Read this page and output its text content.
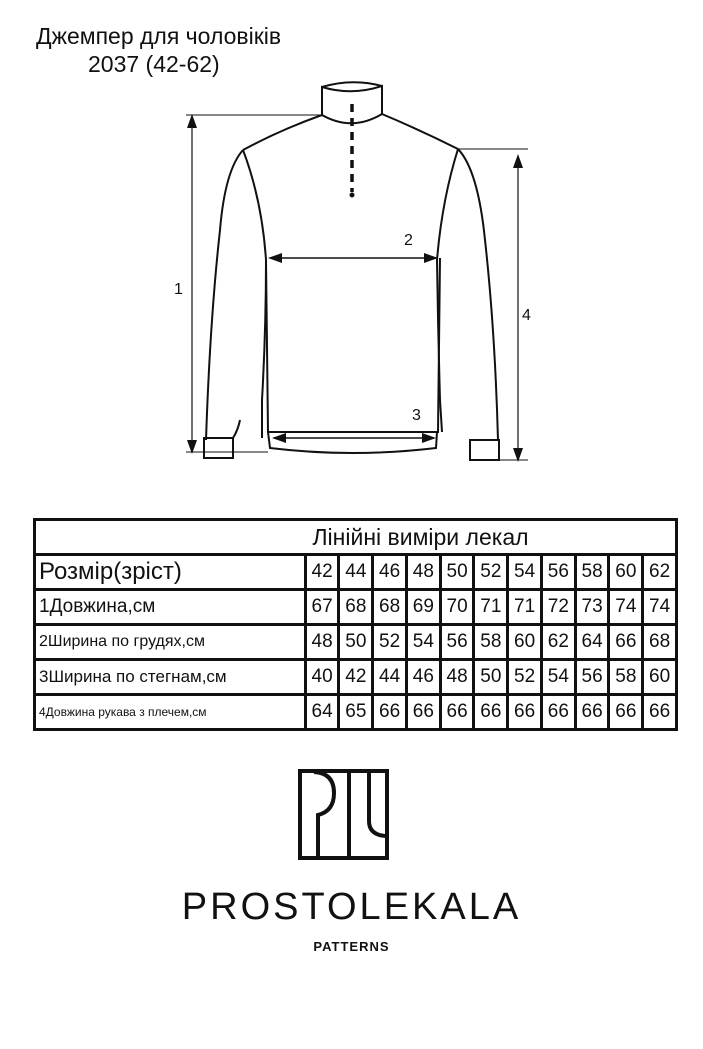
Джемпер для чоловіків
2037 (42-62)
1
2
3
4
Лінійні виміри лекал											
Розмір(зріст)	42	44	46	48	50	52	54	56	58	60	62
1Довжина,см	67	68	68	69	70	71	71	72	73	74	74
2Ширина по грудях,см	48	50	52	54	56	58	60	62	64	66	68
3Ширина по стегнам,см	40	42	44	46	48	50	52	54	56	58	60
4Довжина рукава з плечем,см	64	65	66	66	66	66	66	66	66	66	66
PROSTOLEKALA
PATTERNS
